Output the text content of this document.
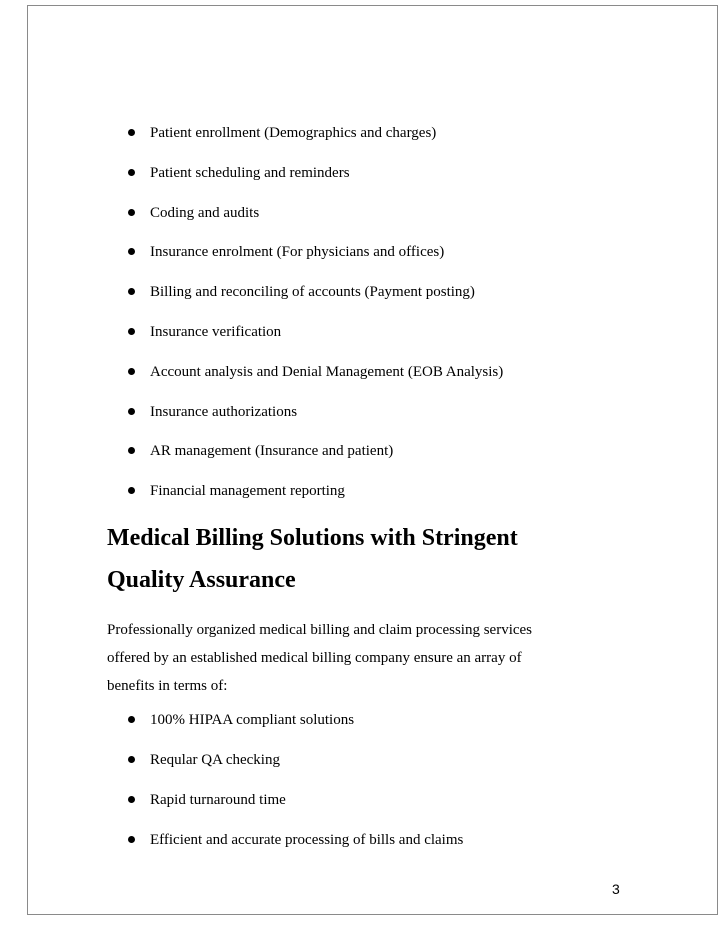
Patient enrollment (Demographics and charges)
Patient scheduling and reminders
Coding and audits
Insurance enrolment (For physicians and offices)
Billing and reconciling of accounts (Payment posting)
Insurance verification
Account analysis and Denial Management (EOB Analysis)
Insurance authorizations
AR management (Insurance and patient)
Financial management reporting
Medical Billing Solutions with Stringent
Quality Assurance

Professionally organized medical billing and claim processing services
offered by an established medical billing company ensure an array of
benefits in terms of:

100% HIPAA compliant solutions
Reqular QA checking
Rapid turnaround time
Efficient and accurate processing of bills and claims
3
